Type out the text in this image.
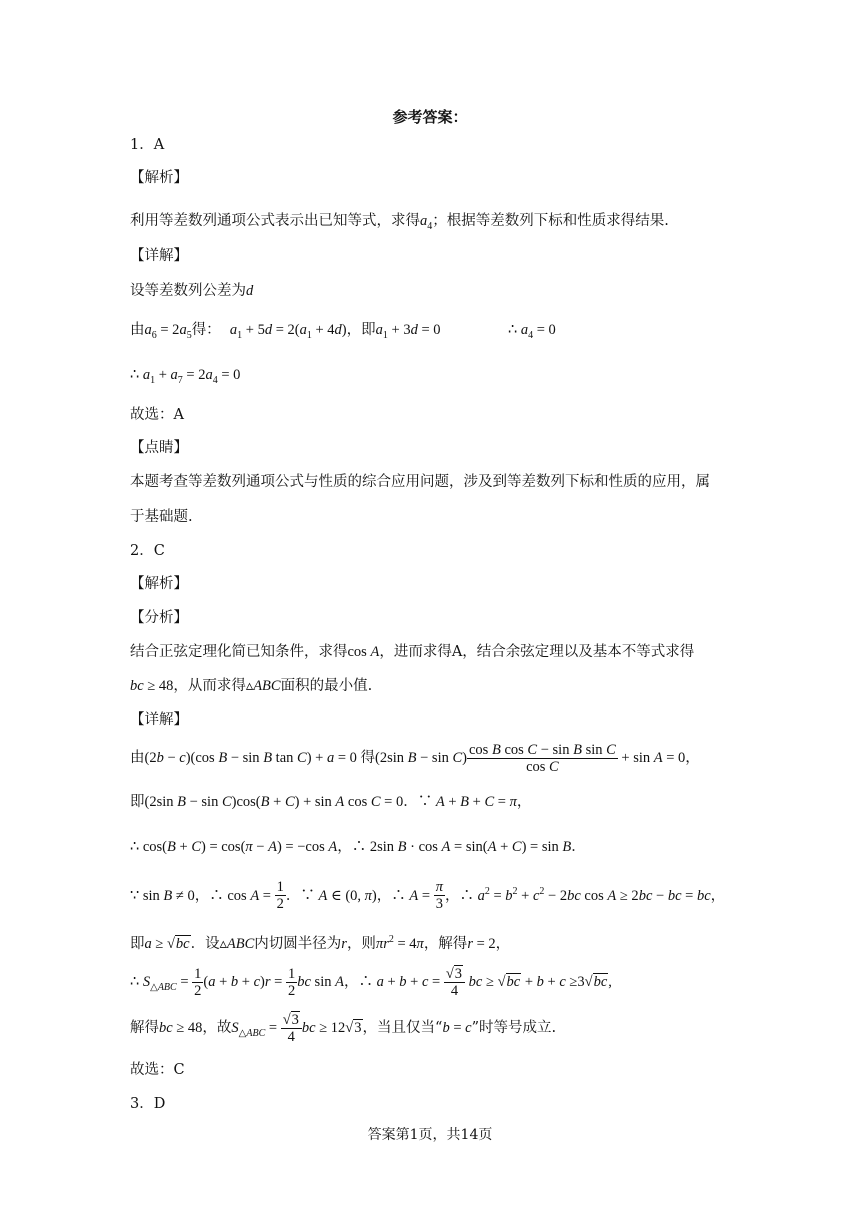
参考答案：
1．A
【解析】
利用等差数列通项公式表示出已知等式，求得$a_4$；根据等差数列下标和性质求得结果.
【详解】
设等差数列公差为d
由$a_6 = 2a_5$得： $a_1 + 5d = 2(a_1 + 4d)$，即$a_1 + 3d = 0$	∴ $a_4 = 0$
∴ $a_1 + a_7 = 2a_4 = 0$
故选：A
【点睛】
本题考查等差数列通项公式与性质的综合应用问题，涉及到等差数列下标和性质的应用，属
于基础题.
2．C
【解析】
【分析】
结合正弦定理化简已知条件，求得cos A，进而求得A，结合余弦定理以及基本不等式求得
bc ≥ 48，从而求得▵ABC面积的最小值.
【详解】
由(2b − c)(cos B − sin B tan C) + a = 0 得(2sin $B - \sin C) \frac{\text{cos B cos C − sin B sin C}}{\text{cos C}} + \sin A = 0$，
即(2sin B − sin C)cos(B + C) + sin A cos C = 0．∵ A + B + C = π，
∴ cos(B + C) = cos(π − A) = −cos A，∴ 2sin B · cos A = sin(A + C) = sin B．
∵ sin B ≠ 0，∴ $\cos A = \frac{1}{2}$ ．∵ A ∈ (0, π)，∴ $A = \frac{\pi}{3}$ ，∴ $a^2 = b^2 + c^2 - 2bc$ cos A ≥ 2bc − bc = bc，
即a ≥ √bc．设▵ABC内切圆半径为r，则$\pi r^2 = 4\pi$，解得r = 2，
∴ $S_{\triangle ABC} = \frac{1}{2} (a + b + c)r = \frac{1}{2}$ bc sin A，∴ $a + b + c = \frac{√3}{4}$ bc ≥ √bc + b + c ≥3√bc,
解得bc ≥ 48，故$S_{\triangle ABC} = \frac{√3}{4}$ bc ≥ 12√3，当且仅当“b = c”时等号成立.
故选：C
3．D
答案第1页，共14页
